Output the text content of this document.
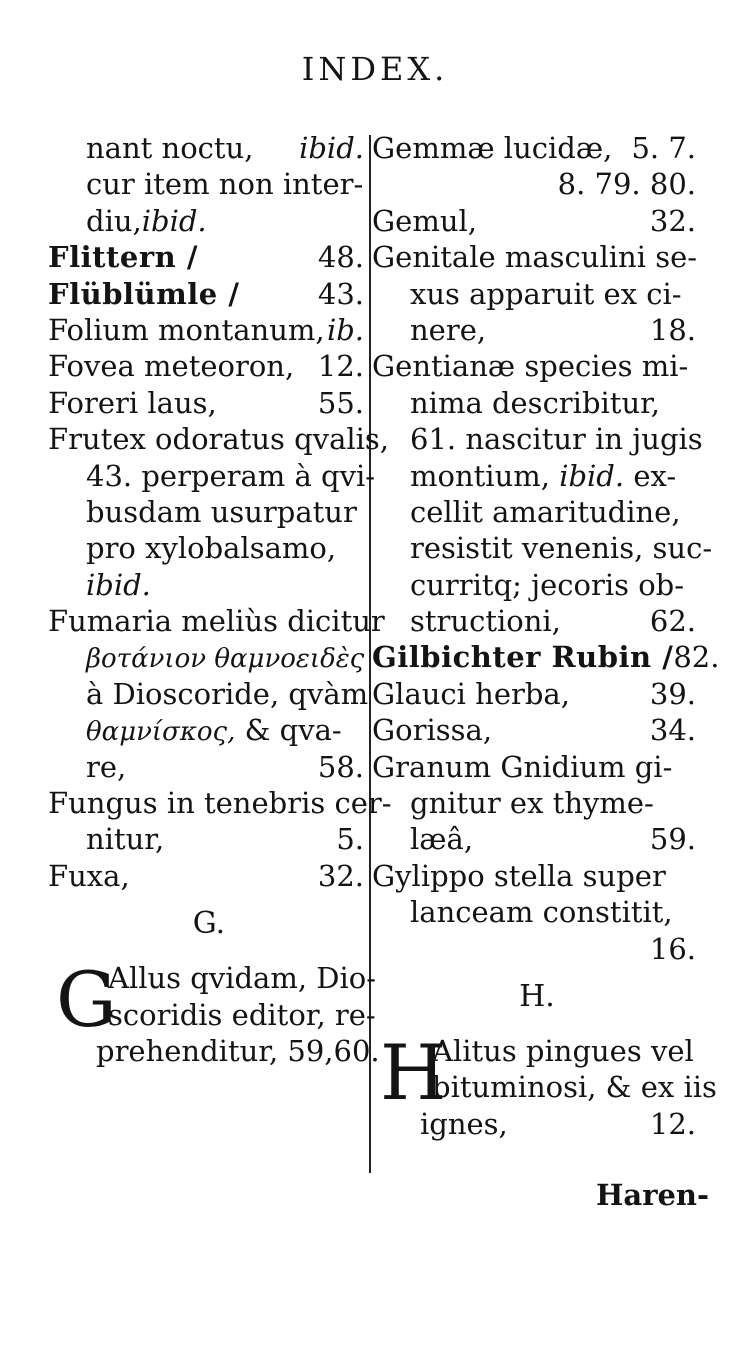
INDEX.
nant noctu, ibid.
cur item non inter-
diu,ibid.
Flittern /	48.
Flüblümle /	43.
Folium montanum, ib.
Fovea meteoron, 12.
Foreri laus,	55.
Frutex odoratus qvalis,
43. perperam à qvi-
busdam usurpatur
pro xylobalsamo,
ibid.
Fumaria meliùs dicitur
βοτάνιον θαμνοειδὲς
à Dioscoride, qvàm
θαμνίσκος, & qva-
re,	58.
Fungus in tenebris cer-
nitur,	5.
Fuxa,	32.
G.
G
Allus qvidam, Dio-
scoridis editor, re-
prehenditur, 59,60.
Gemmæ lucidæ, 5. 7.
8. 79. 80.
Gemul,	32.
Genitale masculini se-
xus apparuit ex ci-
nere,	18.
Gentianæ species mi-
nima describitur,
61. nascitur in jugis
montium, ibid. ex-
cellit amaritudine,
resistit venenis, suc-
curritq; jecoris ob-
structioni,	62.
Gilbichter Rubin / 82.
Glauci herba,	39.
Gorissa,	34.
Granum Gnidium gi-
gnitur ex thyme-
læâ,	59.
Gylippo stella super
lanceam constitit,
16.
H.
H
Alitus pingues vel
bituminosi, & ex iis
ignes,	12.
Haren-
